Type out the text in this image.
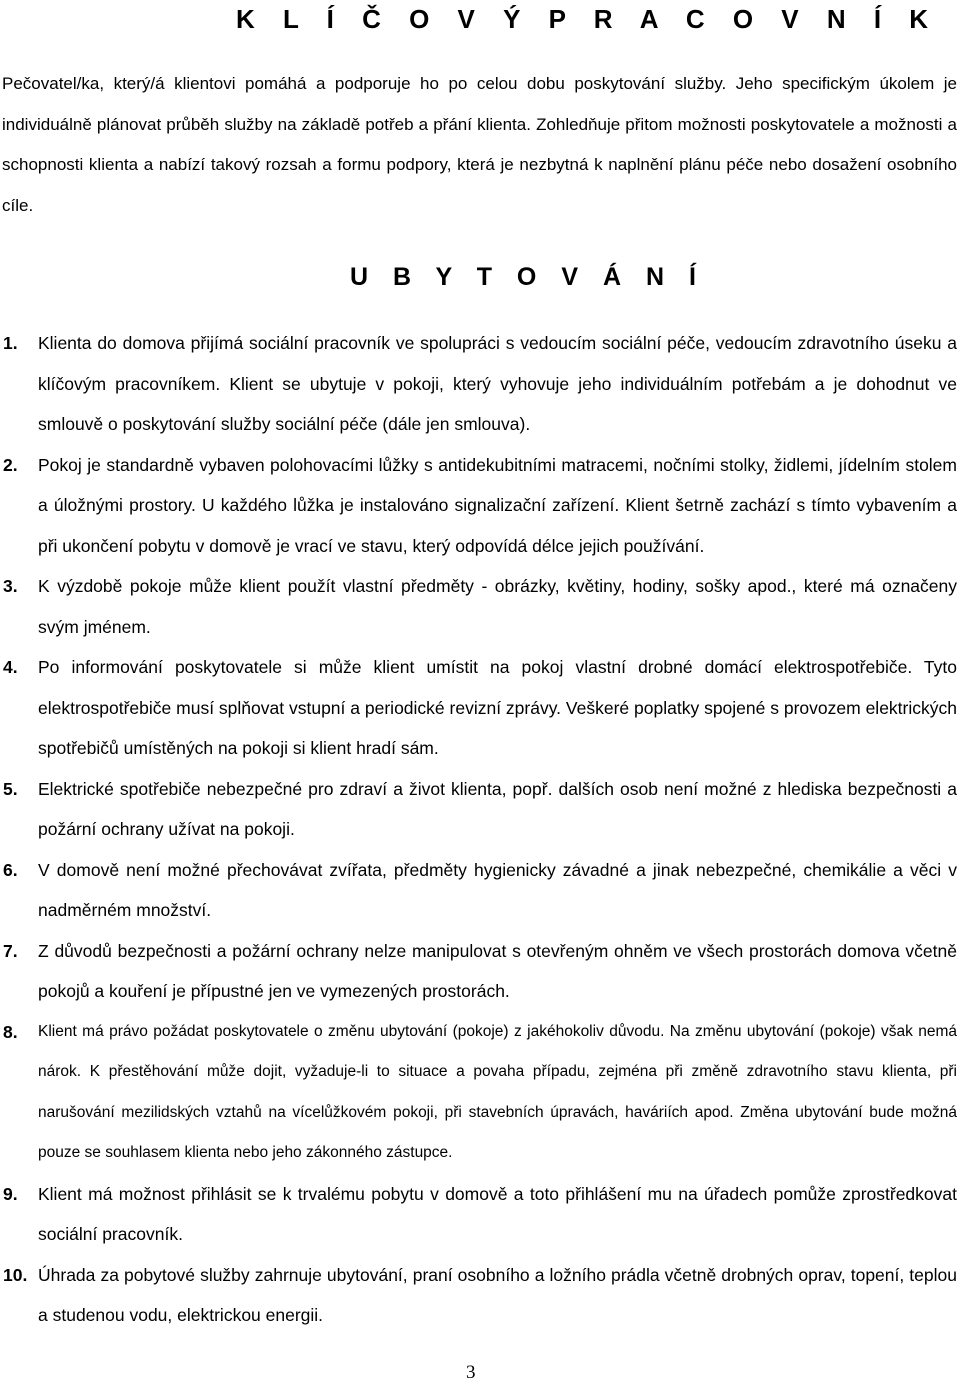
K L Í Č O V Ý P R A C O V N Í K

Pečovatel/ka, který/á klientovi pomáhá a podporuje ho po celou dobu poskytování služby. Jeho specifickým úkolem je individuálně plánovat průběh služby na základě potřeb a přání klienta. Zohledňuje přitom možnosti poskytovatele a možnosti a schopnosti klienta a nabízí takový rozsah a formu podpory, která je nezbytná k naplnění plánu péče nebo dosažení osobního cíle.

U B Y T O V Á N Í
1.	Klienta do domova přijímá sociální pracovník ve spolupráci s vedoucím sociální péče, vedoucím zdravotního úseku a klíčovým pracovníkem. Klient se ubytuje v pokoji, který vyhovuje jeho individuálním potřebám a je dohodnut ve smlouvě o poskytování služby sociální péče (dále jen smlouva).
2.	Pokoj je standardně vybaven polohovacími lůžky s antidekubitními matracemi, nočními stolky, židlemi, jídelním stolem a úložnými prostory. U každého lůžka je instalováno signalizační zařízení. Klient šetrně zachází s tímto vybavením a při ukončení pobytu v domově je vrací ve stavu, který odpovídá délce jejich používání.
3.	K výzdobě pokoje může klient použít vlastní předměty - obrázky, květiny, hodiny, sošky apod., které má označeny svým jménem.
4.	Po informování poskytovatele si může klient umístit na pokoj vlastní drobné domácí elektrospotřebiče. Tyto elektrospotřebiče musí splňovat vstupní a periodické revizní zprávy. Veškeré poplatky spojené s provozem elektrických spotřebičů umístěných na pokoji si klient hradí sám.
5.	Elektrické spotřebiče nebezpečné pro zdraví a život klienta, popř. dalších osob není možné z hlediska bezpečnosti a požární ochrany užívat na pokoji.
6.	V domově není možné přechovávat zvířata, předměty hygienicky závadné a jinak nebezpečné, chemikálie a věci v nadměrném množství.
7.	Z důvodů bezpečnosti a požární ochrany nelze manipulovat s otevřeným ohněm ve všech prostorách domova včetně pokojů a kouření je přípustné jen ve vymezených prostorách.
8.	Klient má právo požádat poskytovatele o změnu ubytování (pokoje) z jakéhokoliv důvodu. Na změnu ubytování (pokoje) však nemá nárok. K přestěhování může dojit, vyžaduje-li to situace a povaha případu, zejména při změně zdravotního stavu klienta, při narušování mezilidských vztahů na vícelůžkovém pokoji, při stavebních úpravách, haváriích apod. Změna ubytování bude možná pouze se souhlasem klienta nebo jeho zákonného zástupce.
9.	Klient má možnost přihlásit se k trvalému pobytu v domově a toto přihlášení mu na úřadech pomůže zprostředkovat sociální pracovník.
10. Úhrada za pobytové služby zahrnuje ubytování, praní osobního a ložního prádla včetně drobných oprav, topení, teplou a studenou vodu, elektrickou energii.
3
